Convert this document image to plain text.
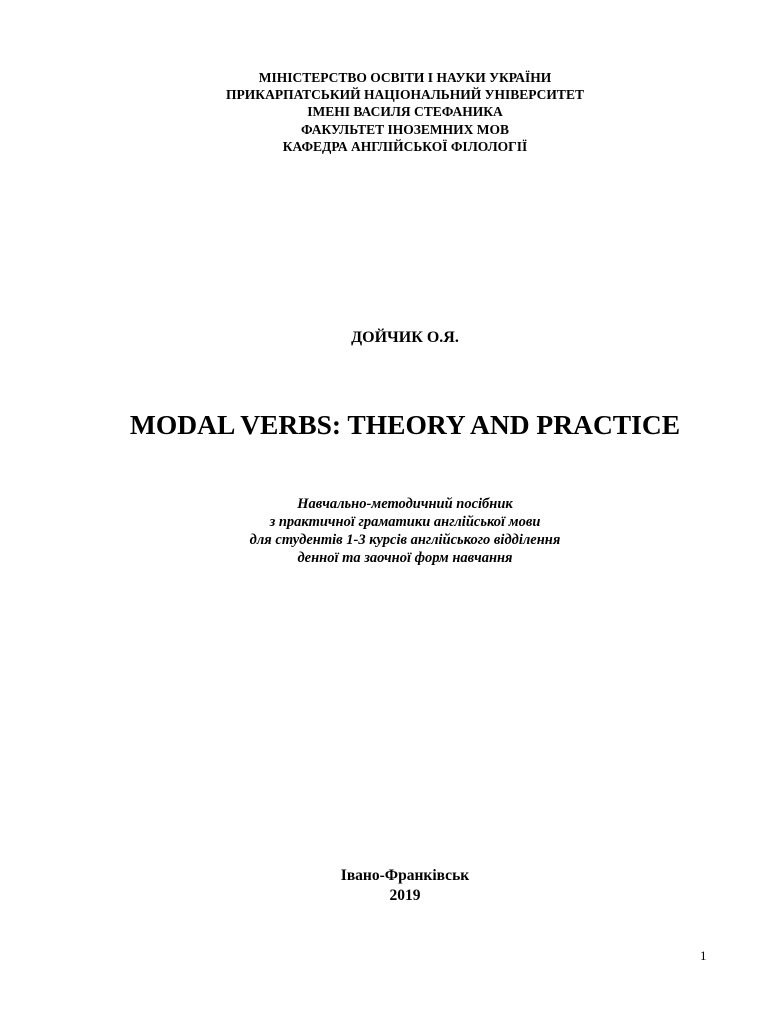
МІНІСТЕРСТВО ОСВІТИ І НАУКИ УКРАЇНИ
ПРИКАРПАТСЬКИЙ НАЦІОНАЛЬНИЙ УНІВЕРСИТЕТ
ІМЕНІ ВАСИЛЯ СТЕФАНИКА
ФАКУЛЬТЕТ ІНОЗЕМНИХ МОВ
КАФЕДРА АНГЛІЙСЬКОЇ ФІЛОЛОГІЇ
ДОЙЧИК О.Я.
MODAL VERBS: THEORY AND PRACTICE
Навчально-методичний посібник
з практичної граматики англійської мови
для студентів 1-3 курсів англійського відділення
денної та заочної форм навчання
Івано-Франківськ
2019
1
